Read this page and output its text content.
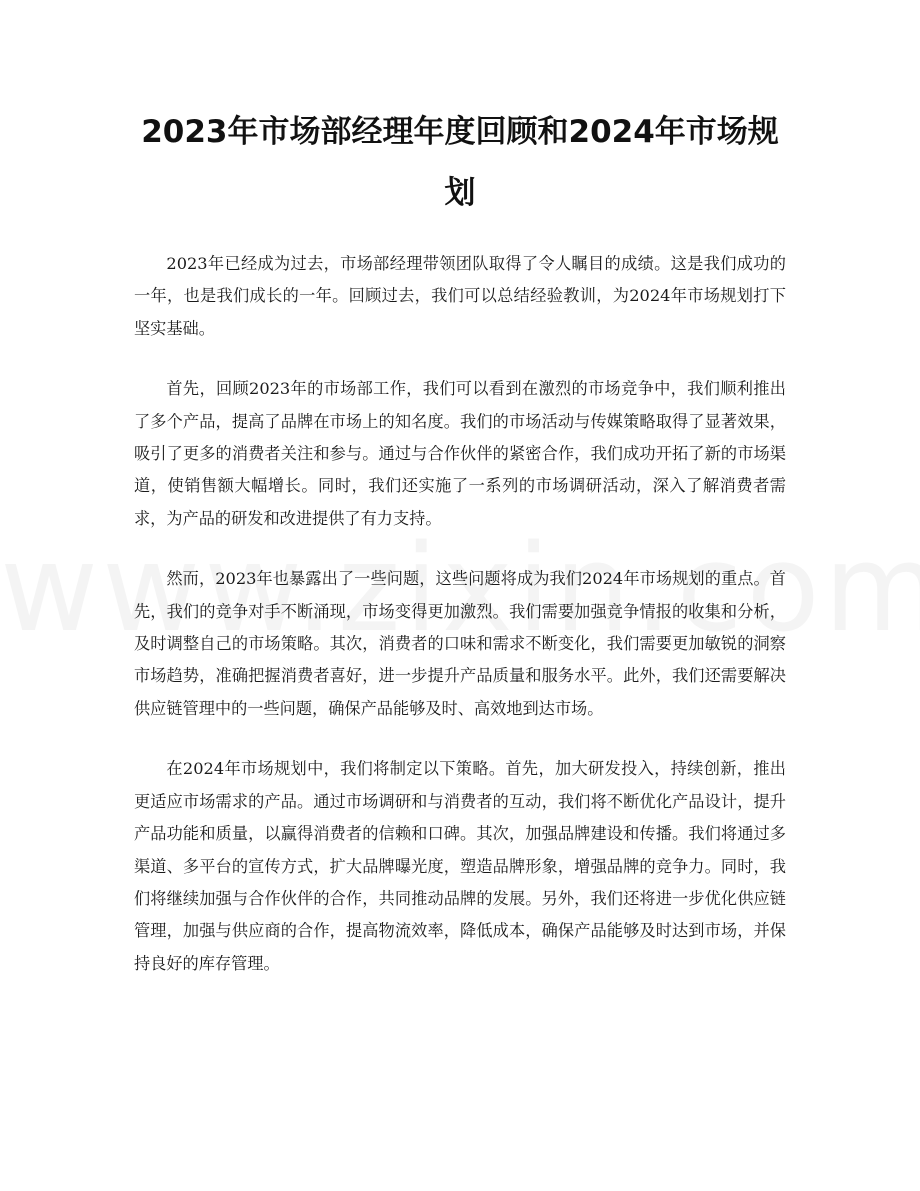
2023年市场部经理年度回顾和2024年市场规划

2023年已经成为过去，市场部经理带领团队取得了令人瞩目的成绩。这是我们成功的一年，也是我们成长的一年。回顾过去，我们可以总结经验教训，为2024年市场规划打下坚实基础。

首先，回顾2023年的市场部工作，我们可以看到在激烈的市场竞争中，我们顺利推出了多个产品，提高了品牌在市场上的知名度。我们的市场活动与传媒策略取得了显著效果，吸引了更多的消费者关注和参与。通过与合作伙伴的紧密合作，我们成功开拓了新的市场渠道，使销售额大幅增长。同时，我们还实施了一系列的市场调研活动，深入了解消费者需求，为产品的研发和改进提供了有力支持。

然而，2023年也暴露出了一些问题，这些问题将成为我们2024年市场规划的重点。首先，我们的竞争对手不断涌现，市场变得更加激烈。我们需要加强竞争情报的收集和分析，及时调整自己的市场策略。其次，消费者的口味和需求不断变化，我们需要更加敏锐的洞察市场趋势，准确把握消费者喜好，进一步提升产品质量和服务水平。此外，我们还需要解决供应链管理中的一些问题，确保产品能够及时、高效地到达市场。

在2024年市场规划中，我们将制定以下策略。首先，加大研发投入，持续创新，推出更适应市场需求的产品。通过市场调研和与消费者的互动，我们将不断优化产品设计，提升产品功能和质量，以赢得消费者的信赖和口碑。其次，加强品牌建设和传播。我们将通过多渠道、多平台的宣传方式，扩大品牌曝光度，塑造品牌形象，增强品牌的竞争力。同时，我们将继续加强与合作伙伴的合作，共同推动品牌的发展。另外，我们还将进一步优化供应链管理，加强与供应商的合作，提高物流效率，降低成本，确保产品能够及时达到市场，并保持良好的库存管理。
